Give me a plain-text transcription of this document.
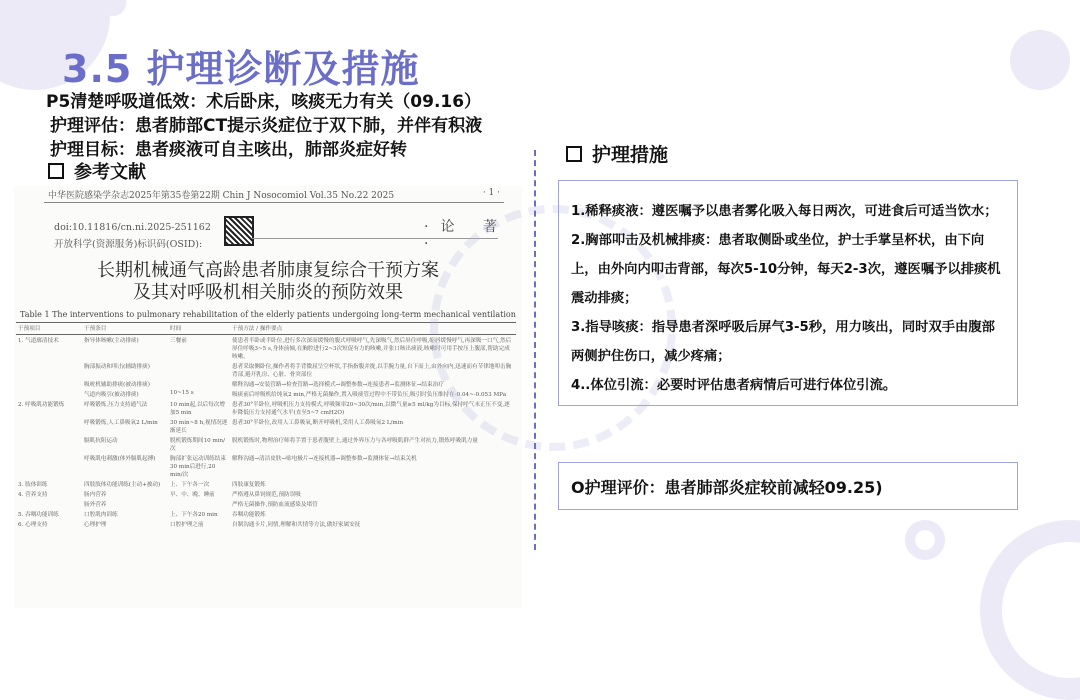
3.5 护理诊断及措施
P5清楚呼吸道低效：术后卧床，咳痰无力有关（09.16）
护理评估：患者肺部CT提示炎症位于双下肺，并伴有积液
护理目标：患者痰液可自主咳出，肺部炎症好转
参考文献
中华医院感染学杂志2025年第35卷第22期 Chin J Nosocomiol Vol.35 No.22 2025	· 1 ·
doi:10.11816/cn.ni.2025-251162
开放科学(资源服务)标识码(OSID):
·论 著·
长期机械通气高龄患者肺康复综合干预方案
及其对呼吸机相关肺炎的预防效果
Table 1 The interventions to pulmonary rehabilitation of the elderly patients undergoing long-term mechanical ventilation
干预项目	干预条目	时间	干预方法 / 操作要点

1. 气道廓清技术	指导体咳嗽(主动排痰)	三餐前	使患者半卧或半卧位,进行多次深而缓慢的腹式呼吸呼气,先深吸气,然后屏住呼吸,缩唇缓慢呼气,再深吸一口气,然后屏住呼吸3~5 s,身体前倾,在胸腔进行2~3次短促有力的咳嗽,并张口咳出痰液,咳嗽时可用手按压上腹部,帮助完成咳嗽。
	胸部振动和叩击(辅助排痰)		患者采取侧卧位,操作者将手背微屈呈空杯状,手指指腹并拢,以手腕力量,自下而上,由外向内,迅速而有节律地叩击胸背部,避开乳房、心脏、骨突部位
	吸吮机辅助排痰(被动排痰)		解释沟通→安装管路→检查管路→选择模式→调整参数→连接患者→监测体征→结束治疗
	气道内吸引(被动排痰)	10~15 s	吸痰前后呼吸机给纯氧2 min,严格无菌操作,置入吸痰管过程中不带负压,吸引时负压维持在-0.04~-0.053 MPa
2. 呼吸肌功能锻炼	呼吸锻炼,压力支持通气法	10 min起,以后每次增加5 min	患者30°半卧位,呼吸机压力支持模式,呼吸频率20~30次/min,以微气量≥5 ml/kg为目标,保持呼气末正压不变,逐步降低压力支持通气水平(直至5~7 cmH2O)
	呼吸锻炼,人工鼻吸氧2 L/min	30 min~8 h,视情况逐渐延长	患者30°半卧位,改用人工鼻吸氧,断开呼吸机,采用人工鼻吸氧2 L/min
	膈肌抗阻运动	脱机锻炼期间10 min/次	脱机锻炼时,物理治疗师将手置于患者腹壁上,通过外界压力与各呼吸肌群产生对抗力,锻炼呼吸肌力量
	呼吸肌电刺激(体外膈肌起搏)	胸部扩张运动训练结束30 min后进行,20 min/次	解释沟通→清洁皮肤→贴电极片→连接机器→调整参数→监测体征→结束关机
3. 肢体训练	四肢肢体功能训练(主动+被动)	上、下午各一次	四肢康复锻炼
4. 营养支持	肠内营养	早、中、晚、睡前	严格遵从鼻饲规范,预防误吸
	肠外营养		严格无菌操作,预防血流感染及堵管
5. 吞咽功能训练	口腔肌肉训练	上、下午各20 min	吞咽功能锻炼
6. 心理支持	心理护理	口腔护理之前	自制沟通卡片,同情,理解和共情等方法,做好家属安抚
护理措施

1.稀释痰液：遵医嘱予以患者雾化吸入每日两次，可进食后可适当饮水；

2.胸部叩击及机械排痰：患者取侧卧或坐位，护士手掌呈杯状，由下向上，由外向内叩击背部，每次5-10分钟，每天2-3次，遵医嘱予以排痰机震动排痰；

3.指导咳痰：指导患者深呼吸后屏气3-5秒，用力咳出，同时双手由腹部两侧护住伤口，减少疼痛；

4..体位引流：必要时评估患者病情后可进行体位引流。

O护理评价：患者肺部炎症较前减轻09.25)
